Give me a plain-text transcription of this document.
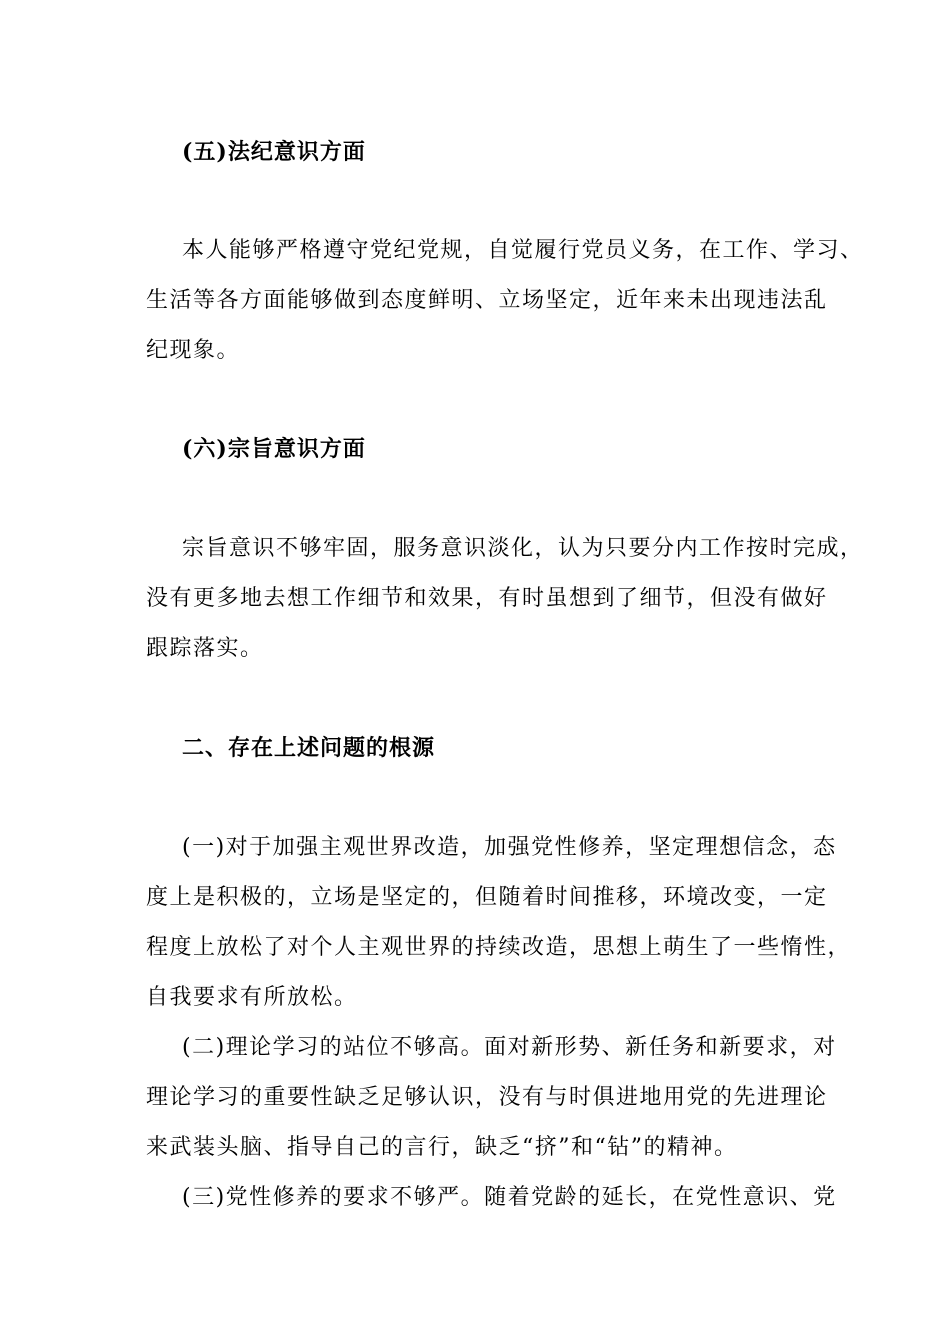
(五)法纪意识方面
本人能够严格遵守党纪党规，自觉履行党员义务，在工作、学习、
生活等各方面能够做到态度鲜明、立场坚定，近年来未出现违法乱
纪现象。
(六)宗旨意识方面
宗旨意识不够牢固，服务意识淡化，认为只要分内工作按时完成，
没有更多地去想工作细节和效果，有时虽想到了细节，但没有做好
跟踪落实。
二、存在上述问题的根源
(一)对于加强主观世界改造，加强党性修养，坚定理想信念，态
度上是积极的，立场是坚定的，但随着时间推移，环境改变，一定
程度上放松了对个人主观世界的持续改造，思想上萌生了一些惰性，
自我要求有所放松。
(二)理论学习的站位不够高。面对新形势、新任务和新要求，对
理论学习的重要性缺乏足够认识，没有与时俱进地用党的先进理论
来武装头脑、指导自己的言行，缺乏“挤”和“钻”的精神。
(三)党性修养的要求不够严。随着党龄的延长，在党性意识、党
